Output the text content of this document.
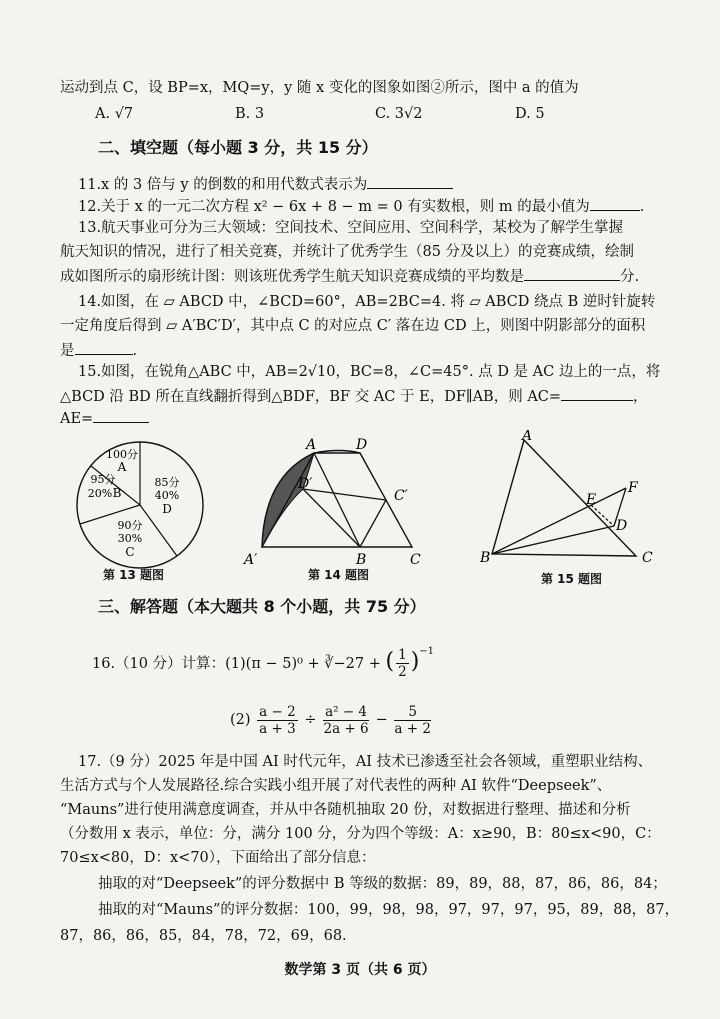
运动到点 C，设 BP=x，MQ=y，y 随 x 变化的图象如图②所示，图中 a 的值为
A. √7	B. 3	C. 3√2	D. 5
二、填空题（每小题 3 分，共 15 分）
11.x 的 3 倍与 y 的倒数的和用代数式表示为
12.关于 x 的一元二次方程 x² − 6x + 8 − m = 0 有实数根，则 m 的最小值为	.
13.航天事业可分为三大领域：空间技术、空间应用、空间科学，某校为了解学生掌握
航天知识的情况，进行了相关竞赛，并统计了优秀学生（85 分及以上）的竞赛成绩，绘制
成如图所示的扇形统计图：则该班优秀学生航天知识竞赛成绩的平均数是	分.
14.如图，在 ▱ ABCD 中，∠BCD=60°，AB=2BC=4. 将 ▱ ABCD 绕点 B 逆时针旋转
一定角度后得到 ▱ A′BC′D′，其中点 C 的对应点 C′ 落在边 CD 上，则图中阴影部分的面积
是	.
15.如图，在锐角△ABC 中，AB=2√10，BC=8，∠C=45°. 点 D 是 AC 边上的一点，将
△BCD 沿 BD 所在直线翻折得到△BDF，BF 交 AC 于 E，DF∥AB，则 AC=	，
AE=
100分
A
95分
20% B
85分
40%
D
90分
30%
C
第 13 题图
A	D
D′
C′
A′	B	C
第 14 题图
A
E
F
D
B	C
第 15 题图
三、解答题（本大题共 8 个小题，共 75 分）
16.（10 分）计算：(1)(π − 5)⁰ + ∛−27 + ( $\frac{1}{2} )^{-1}$
$(2) \frac{a - 2}{a + 3} \div \frac{\text{a² − 4}}{2a + 6} - \frac{5}{a + 2}$
17.（9 分）2025 年是中国 AI 时代元年，AI 技术已渗透至社会各领域，重塑职业结构、
生活方式与个人发展路径.综合实践小组开展了对代表性的两种 AI 软件“Deepseek”、
“Mauns”进行使用满意度调查，并从中各随机抽取 20 份，对数据进行整理、描述和分析
（分数用 x 表示，单位：分，满分 100 分，分为四个等级：A：x≥90，B：80≤x<90，C：
70≤x<80，D：x<70），下面给出了部分信息：
抽取的对“Deepseek”的评分数据中 B 等级的数据：89，89，88，87，86，86，84；
抽取的对“Mauns”的评分数据：100，99，98，98，97，97，97，95，89，88，87，
87，86，86，85，84，78，72，69，68.
数学第 3 页（共 6 页）
